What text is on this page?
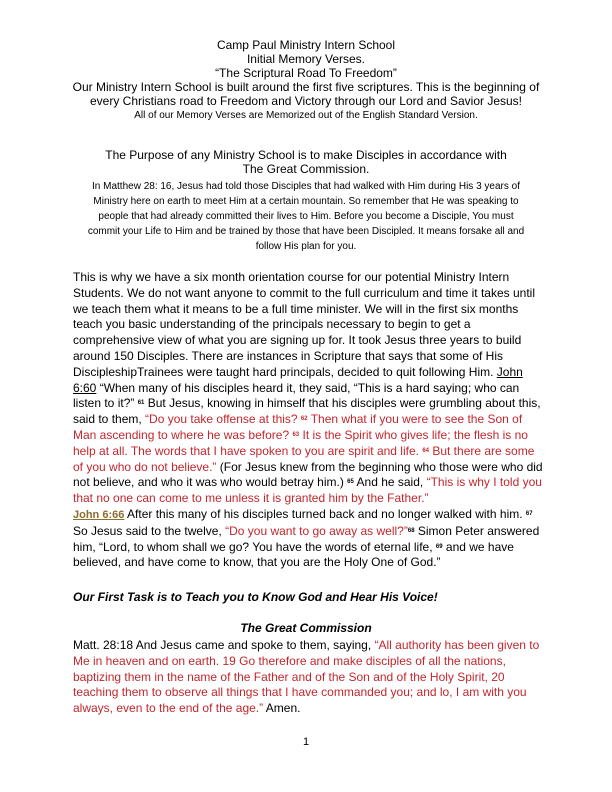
Camp Paul Ministry Intern School
Initial Memory Verses.
“The Scriptural Road To Freedom”
Our Ministry Intern School is built around the first five scriptures. This is the beginning of
every Christians road to Freedom and Victory through our Lord and Savior Jesus!
All of our Memory Verses are Memorized out of the English Standard Version.
The Purpose of any Ministry School is to make Disciples in accordance with
The Great Commission.
In Matthew 28: 16, Jesus had told those Disciples that had walked with Him during His 3 years of
Ministry here on earth to meet Him at a certain mountain. So remember that He was speaking to
people that had already committed their lives to Him. Before you become a Disciple, You must
commit your Life to Him and be trained by those that have been Discipled. It means forsake all and
follow His plan for you.
This is why we have a six month orientation course for our potential Ministry Intern Students. We do not want anyone to commit to the full curriculum and time it takes until we teach them what it means to be a full time minister. We will in the first six months teach you basic understanding of the principals necessary to begin to get a comprehensive view of what you are signing up for. It took Jesus three years to build around 150 Disciples. There are instances in Scripture that says that some of His DiscipleshipTrainees were taught hard principals, decided to quit following Him. John 6:60 “When many of his disciples heard it, they said, “This is a hard saying; who can listen to it?” $^{61}$ But Jesus, knowing in himself that his disciples were grumbling about this, said to them, “Do you take offense at this? $^{62}$ Then what if you were to see the Son of Man ascending to where he was before? $^{63}$ It is the Spirit who gives life; the flesh is no help at all. The words that I have spoken to you are spirit and life. $^{64}$ But there are some of you who do not believe.” (For Jesus knew from the beginning who those were who did not believe, and who it was who would betray him.) $^{65}$ And he said, “This is why I told you that no one can come to me unless it is granted him by the Father.”
John 6:66 After this many of his disciples turned back and no longer walked with him. $^{67}$ So Jesus said to the twelve, “Do you want to go away as well?”$^{68}$ Simon Peter answered him, “Lord, to whom shall we go? You have the words of eternal life, $^{69}$ and we have believed, and have come to know, that you are the Holy One of God.”
Our First Task is to Teach you to Know God and Hear His Voice!
The Great Commission
Matt. 28:18 And Jesus came and spoke to them, saying, “All authority has been given to Me in heaven and on earth. 19 Go therefore and make disciples of all the nations, baptizing them in the name of the Father and of the Son and of the Holy Spirit, 20 teaching them to observe all things that I have commanded you; and lo, I am with you always, even to the end of the age.” Amen.
1
